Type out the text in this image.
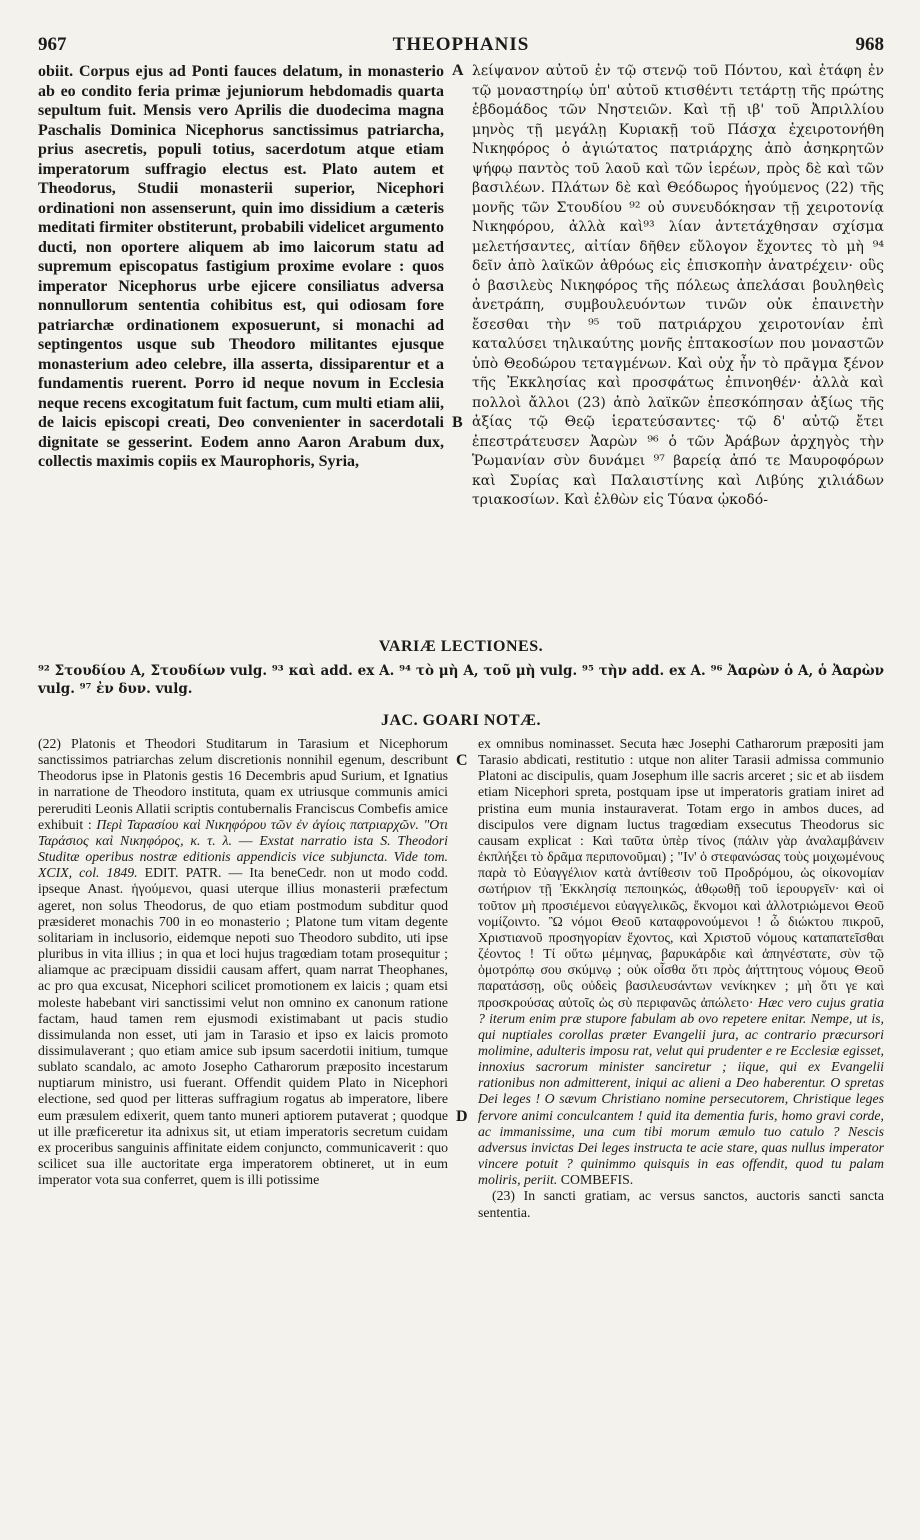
967	THEOPHANIS	968

obiit. Corpus ejus ad Ponti fauces delatum, in monasterio ab eo condito feria primæ jejuniorum hebdomadis quarta sepultum fuit. Mensis vero Aprilis die duodecima magna Paschalis Dominica Nicephorus sanctissimus patriarcha, prius asecretis, populi totius, sacerdotum atque etiam imperatorum suffragio electus est. Plato autem et Theodorus, Studii monasterii superior, Nicephori ordinationi non assenserunt, quin imo dissidium a cæteris meditati firmiter obstiterunt, probabili videlicet argumento ducti, non oportere aliquem ab imo laicorum statu ad supremum episcopatus fastigium proxime evolare : quos imperator Nicephorus urbe ejicere consiliatus adversa nonnullorum sententia cohibitus est, qui odiosam fore patriarchæ ordinationem exposuerunt, si monachi ad septingentos usque sub Theodoro militantes ejusque monasterium adeo celebre, illa asserta, dissiparentur et a fundamentis ruerent. Porro id neque novum in Ecclesia neque recens excogitatum fuit factum, cum multi etiam alii, de laicis episcopi creati, Deo convenienter in sacerdotali dignitate se gesserint. Eodem anno Aaron Arabum dux, collectis maximis copiis ex Maurophoris, Syria,

A
B

λείψανον αὐτοῦ ἐν τῷ στενῷ τοῦ Πόντου, καὶ ἐτάφη ἐν τῷ μοναστηρίῳ ὑπ' αὐτοῦ κτισθέντι τετάρτῃ τῆς πρώτης ἑβδομάδος τῶν Νηστειῶν. Καὶ τῇ ιβ' τοῦ Ἀπριλλίου μηνὸς τῇ μεγάλῃ Κυριακῇ τοῦ Πάσχα ἐχειροτονήθη Νικηφόρος ὁ ἁγιώτατος πατριάρχης ἀπὸ ἀσηκρητῶν ψήφῳ παντὸς τοῦ λαοῦ καὶ τῶν ἱερέων, πρὸς δὲ καὶ τῶν βασιλέων. Πλάτων δὲ καὶ Θεόδωρος ἡγούμενος (22) τῆς μονῆς τῶν Στουδίου ⁹² οὐ συνευδόκησαν τῇ χειροτονίᾳ Νικηφόρου, ἀλλὰ καὶ⁹³ λίαν ἀντετάχθησαν σχίσμα μελετήσαντες, αἰτίαν δῆθεν εὔλογον ἔχοντες τὸ μὴ ⁹⁴ δεῖν ἀπὸ λαϊκῶν ἀθρόως εἰς ἐπισκοπὴν ἀνατρέχειν· οὓς ὁ βασιλεὺς Νικηφόρος τῆς πόλεως ἀπελάσαι βουληθεὶς ἀνετράπη, συμβουλευόντων τινῶν οὐκ ἐπαινετὴν ἔσεσθαι τὴν ⁹⁵ τοῦ πατριάρχου χειροτονίαν ἐπὶ καταλύσει τηλικαύτης μονῆς ἑπτακοσίων που μοναστῶν ὑπὸ Θεοδώρου τεταγμένων. Καὶ οὐχ ἦν τὸ πρᾶγμα ξένον τῆς Ἐκκλησίας καὶ προσφάτως ἐπινοηθέν· ἀλλὰ καὶ πολλοὶ ἄλλοι (23) ἀπὸ λαϊκῶν ἐπεσκόπησαν ἀξίως τῆς ἀξίας τῷ Θεῷ ἱερατεύσαντες· τῷ δ' αὐτῷ ἔτει ἐπεστράτευσεν Ἀαρὼν ⁹⁶ ὁ τῶν Ἀράβων ἀρχηγὸς τὴν Ῥωμανίαν σὺν δυνάμει ⁹⁷ βαρείᾳ ἀπό τε Μαυροφόρων καὶ Συρίας καὶ Παλαιστίνης καὶ Λιβύης χιλιάδων τριακοσίων. Καὶ ἐλθὼν εἰς Τύανα ᾠκοδό-

VARIÆ LECTIONES.
⁹² Στουδίου A, Στουδίων vulg. ⁹³ καὶ add. ex A. ⁹⁴ τὸ μὴ A, τοῦ μὴ vulg. ⁹⁵ τὴν add. ex A. ⁹⁶ Ἀαρὼν ὁ A, ὁ Ἀαρὼν vulg. ⁹⁷ ἐν δυν. vulg.
JAC. GOARI NOTÆ.

(22) Platonis et Theodori Studitarum in Tarasium et Nicephorum sanctissimos patriarchas zelum discretionis nonnihil egenum, describunt Theodorus ipse in Platonis gestis 16 Decembris apud Surium, et Ignatius in narratione de Theodoro instituta, quam ex utriusque communis amici pereruditi Leonis Allatii scriptis contubernalis Franciscus Combefis amice exhibuit : Περὶ Ταρασίου καὶ Νικηφόρου τῶν ἐν ἁγίοις πατριαρχῶν. "Οτι Ταράσιος καὶ Νικηφόρος, κ. τ. λ. — Exstat narratio ista S. Theodori Studitæ operibus nostræ editionis appendicis vice subjuncta. Vide tom. XCIX, col. 1849. EDIT. PATR. — Ita beneCedr. non ut modo codd. ipseque Anast. ἡγούμενοι, quasi uterque illius monasterii præfectum ageret, non solus Theodorus, de quo etiam postmodum subditur quod præsideret monachis 700 in eo monasterio ; Platone tum vitam degente solitariam in inclusorio, eidemque nepoti suo Theodoro subdito, uti ipse pluribus in vita illius ; in qua et loci hujus tragœdiam totam prosequitur ; aliamque ac præcipuam dissidii causam affert, quam narrat Theophanes, ac pro qua excusat, Nicephori scilicet promotionem ex laicis ; quam etsi moleste habebant viri sanctissimi velut non omnino ex canonum ratione factam, haud tamen rem ejusmodi existimabant ut pacis studio dissimulanda non esset, uti jam in Tarasio et ipso ex laicis promoto dissimulaverant ; quo etiam amice sub ipsum sacerdotii initium, tumque sublato scandalo, ac amoto Josepho Catharorum præposito incestarum nuptiarum ministro, usi fuerant. Offendit quidem Plato in Nicephori electione, sed quod per litteras suffragium rogatus ab imperatore, libere eum præsulem edixerit, quem tanto muneri aptiorem putaverat ; quodque ut ille præficeretur ita adnixus sit, ut etiam imperatoris secretum cuidam ex proceribus sanguinis affinitate eidem conjuncto, communicaverit : quo scilicet sua ille auctoritate erga imperatorem obtineret, ut in eum imperator vota sua conferret, quem is illi potissime

C
D

ex omnibus nominasset. Secuta hæc Josephi Catharorum præpositi jam Tarasio abdicati, restitutio : utque non aliter Tarasii admissa communio Platoni ac discipulis, quam Josephum ille sacris arceret ; sic et ab iisdem etiam Nicephori spreta, postquam ipse ut imperatoris gratiam iniret ad pristina eum munia instauraverat. Totam ergo in ambos duces, ad discipulos vere dignam luctus tragœdiam exsecutus Theodorus sic causam explicat : Καὶ ταῦτα ὑπὲρ τίνος (πάλιν γὰρ ἀναλαμβάνειν ἐκπλήξει τὸ δρᾶμα περιπονοῦμαι) ; "Ιν' ὁ στεφανώσας τοὺς μοιχωμένους παρὰ τὸ Εὐαγγέλιον κατὰ ἀντίθεσιν τοῦ Προδρόμου, ὡς οἰκονομίαν σωτήριον τῇ Ἐκκλησίᾳ πεποιηκώς, ἀθῳωθῇ τοῦ ἱερουργεῖν· καὶ οἱ τοῦτον μὴ προσιέμενοι εὐαγγελικῶς, ἔκνομοι καὶ ἀλλοτριώμενοι Θεοῦ νομίζοιντο. Ὢ νόμοι Θεοῦ καταφρονούμενοι ! ὦ διώκτου πικροῦ, Χριστιανοῦ προσηγορίαν ἔχοντος, καὶ Χριστοῦ νόμους καταπατεῖσθαι ζέοντος ! Τί οὕτω μέμηνας, βαρυκάρδιε καὶ ἀπηνέστατε, σὺν τῷ ὁμοτρόπῳ σου σκύμνῳ ; οὐκ οἶσθα ὅτι πρὸς ἀήττητους νόμους Θεοῦ παρατάσσῃ, οὓς οὐδεὶς βασιλευσάντων νενίκηκεν ; μὴ ὅτι γε καὶ προσκρούσας αὐτοῖς ὡς σὺ περιφανῶς ἀπώλετο· Hæc vero cujus gratia ? iterum enim præ stupore fabulam ab ovo repetere enitar. Nempe, ut is, qui nuptiales corollas præter Evangelii jura, ac contrario præcursori molimine, adulteris imposu rat, velut qui prudenter e re Ecclesiæ egisset, innoxius sacrorum minister sanciretur ; iique, qui ex Evangelii rationibus non admitterent, iniqui ac alieni a Deo haberentur. O spretas Dei leges ! O sævum Christiano nomine persecutorem, Christique leges fervore animi conculcantem ! quid ita dementia furis, homo gravi corde, ac immanissime, una cum tibi morum æmulo tuo catulo ? Nescis adversus invictas Dei leges instructa te acie stare, quas nullus imperator vincere potuit ? quinimmo quisquis in eas offendit, quod tu palam moliris, periit. COMBEFIS.

(23) In sancti gratiam, ac versus sanctos, auctoris sancti sancta sententia.
